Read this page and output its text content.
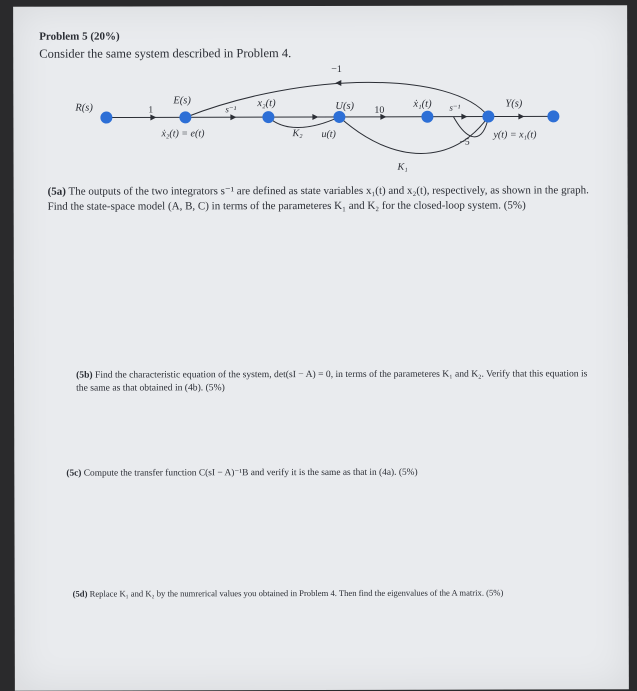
Problem 5 (20%)
Consider the same system described in Problem 4.
R(s)
E(s)	x₂(t)	U(s)	ẋ₁(t)	Y(s)
1	s⁻¹	10	s⁻¹
−1
−5
K₂
K₁
ẋ₂(t) = e(t)	u(t)	y(t) = x₁(t)
(5a) The outputs of the two integrators s⁻¹ are defined as state variables x₁(t) and x₂(t), respectively, as shown in the graph. Find the state-space model (A, B, C) in terms of the parameteres K₁ and K₂ for the closed-loop system. (5%)
(5b) Find the characteristic equation of the system, det(sI − A) = 0, in terms of the parameteres K₁ and K₂. Verify that this equation is the same as that obtained in (4b). (5%)
(5c) Compute the transfer function C(sI − A)⁻¹B and verify it is the same as that in (4a). (5%)
(5d) Replace K₁ and K₂ by the numrerical values you obtained in Problem 4. Then find the eigenvalues of the A matrix. (5%)
